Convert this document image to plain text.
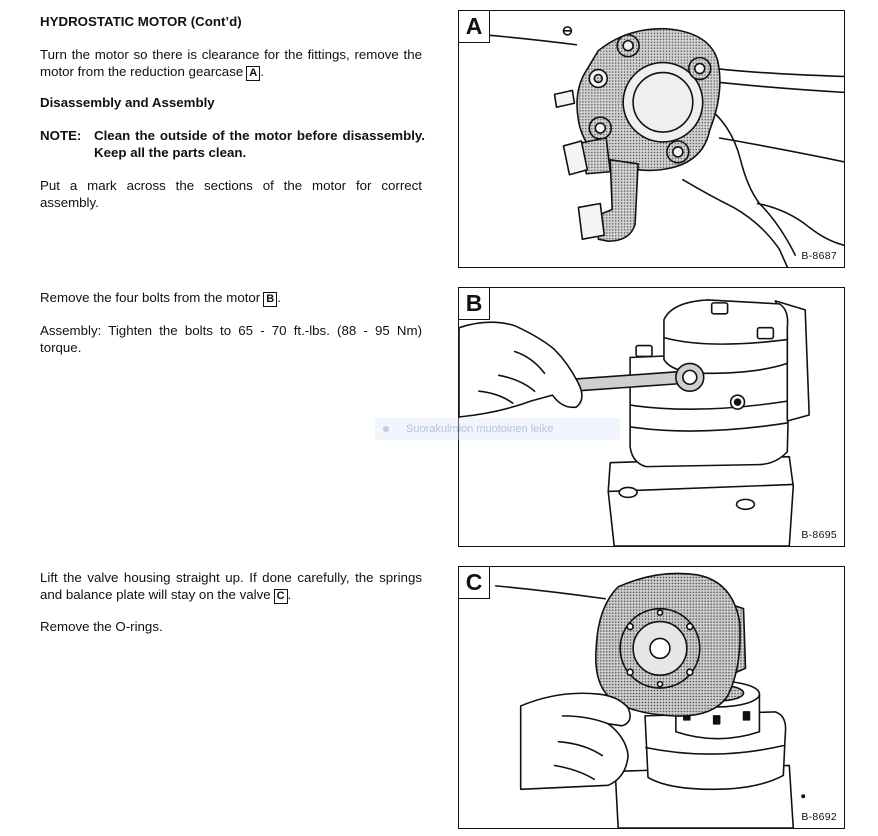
HYDROSTATIC MOTOR (Cont’d)

Turn the motor so there is clearance for the fittings, remove the motor from the reduction gearcase A .

Disassembly and Assembly
NOTE: Clean the outside of the motor before disassembly. Keep all the parts clean.

Put a mark across the sections of the motor for correct assembly.

Remove the four bolts from the motor B .

Assembly: Tighten the bolts to 65 - 70 ft.-lbs. (88 - 95 Nm) torque.

Lift the valve housing straight up. If done carefully, the springs and balance plate will stay on the valve C .

Remove the O-rings.

A
B-8687
B
B-8695
C
B-8692
Suorakulmion muotoinen leike
